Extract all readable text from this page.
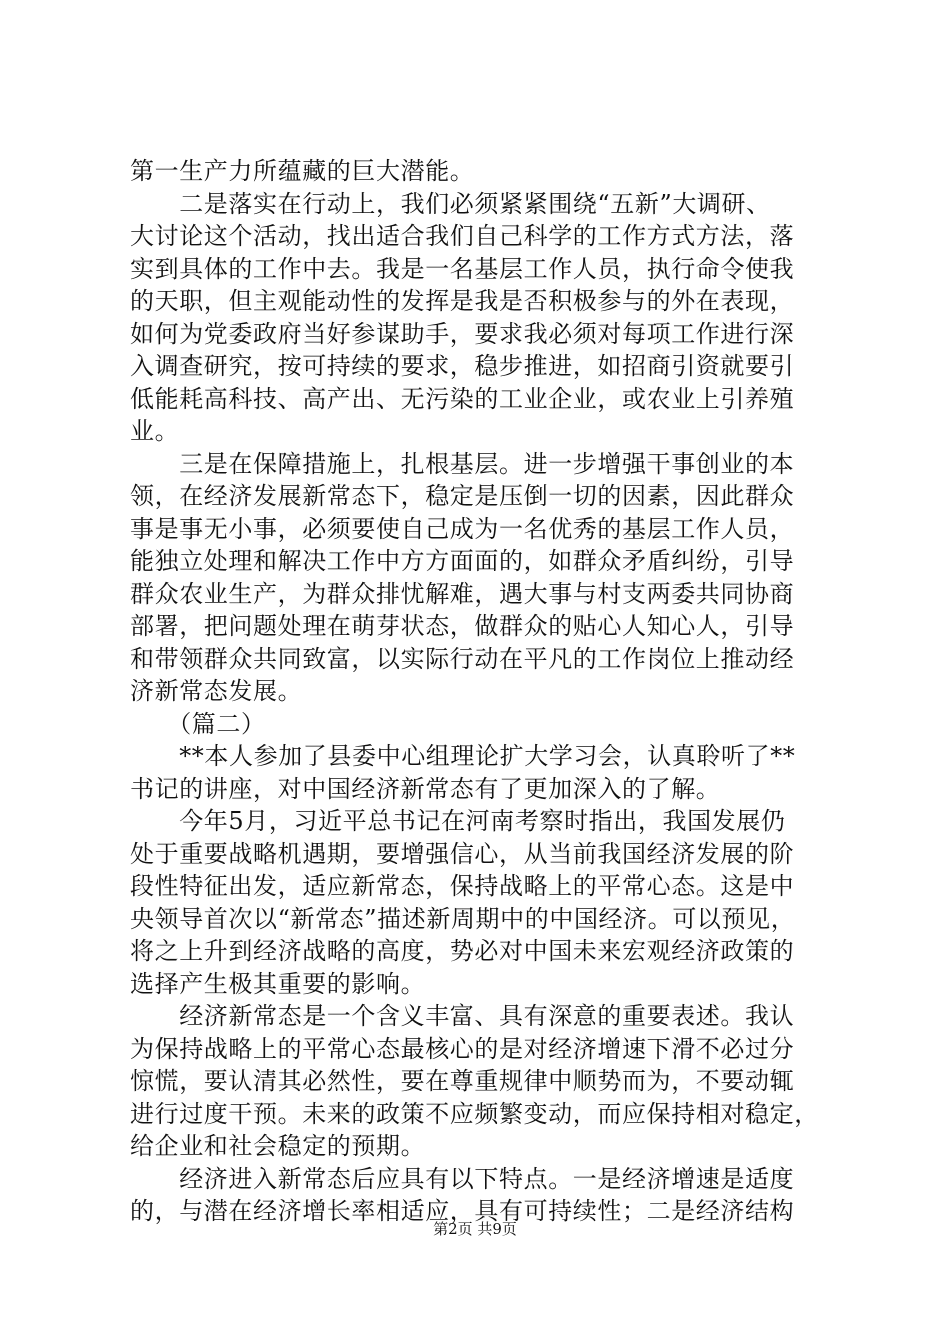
第一生产力所蕴藏的巨大潜能。
　　二是落实在行动上，我们必须紧紧围绕“五新”大调研、
大讨论这个活动，找出适合我们自己科学的工作方式方法，落
实到具体的工作中去。我是一名基层工作人员，执行命令使我
的天职，但主观能动性的发挥是我是否积极参与的外在表现，
如何为党委政府当好参谋助手，要求我必须对每项工作进行深
入调查研究，按可持续的要求，稳步推进，如招商引资就要引
低能耗高科技、高产出、无污染的工业企业，或农业上引养殖
业。
　　三是在保障措施上，扎根基层。进一步增强干事创业的本
领，在经济发展新常态下，稳定是压倒一切的因素，因此群众
事是事无小事，必须要使自己成为一名优秀的基层工作人员，
能独立处理和解决工作中方方面面的，如群众矛盾纠纷，引导
群众农业生产，为群众排忧解难，遇大事与村支两委共同协商
部署，把问题处理在萌芽状态，做群众的贴心人知心人，引导
和带领群众共同致富，以实际行动在平凡的工作岗位上推动经
济新常态发展。
　　（篇二）
　　**本人参加了县委中心组理论扩大学习会，认真聆听了**
书记的讲座，对中国经济新常态有了更加深入的了解。
　　今年5月，习近平总书记在河南考察时指出，我国发展仍
处于重要战略机遇期，要增强信心，从当前我国经济发展的阶
段性特征出发，适应新常态，保持战略上的平常心态。这是中
央领导首次以“新常态”描述新周期中的中国经济。可以预见，
将之上升到经济战略的高度，势必对中国未来宏观经济政策的
选择产生极其重要的影响。
　　经济新常态是一个含义丰富、具有深意的重要表述。我认
为保持战略上的平常心态最核心的是对经济增速下滑不必过分
惊慌，要认清其必然性，要在尊重规律中顺势而为，不要动辄
进行过度干预。未来的政策不应频繁变动，而应保持相对稳定，
给企业和社会稳定的预期。
　　经济进入新常态后应具有以下特点。一是经济增速是适度
的，与潜在经济增长率相适应，具有可持续性；二是经济结构
第2页 共9页
